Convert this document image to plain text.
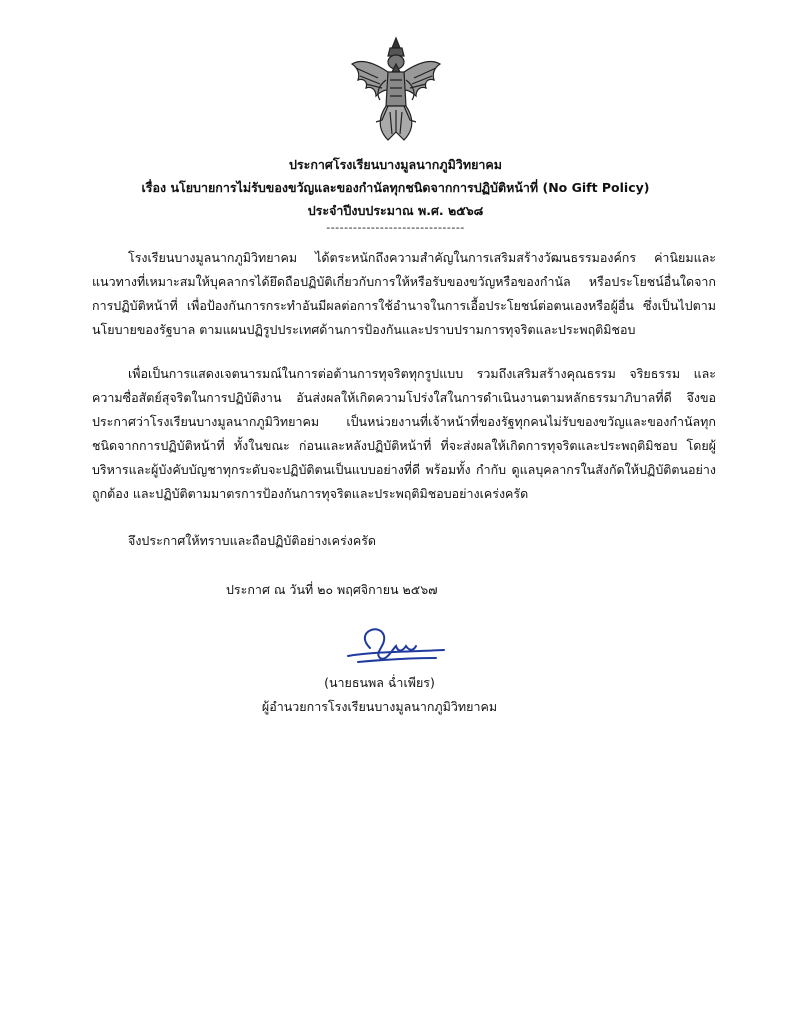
ประกาศโรงเรียนบางมูลนากภูมิวิทยาคม
เรื่อง นโยบายการไม่รับของขวัญและของกำนัลทุกชนิดจากการปฏิบัติหน้าที่ (No Gift Policy)
ประจำปีงบประมาณ พ.ศ. ๒๕๖๘
-------------------------------
โรงเรียนบางมูลนากภูมิวิทยาคม ได้ตระหนักถึงความสำคัญในการเสริมสร้างวัฒนธรรมองค์กร ค่านิยมและแนวทางที่เหมาะสมให้บุคลากรได้ยึดถือปฏิบัติเกี่ยวกับการให้หรือรับของขวัญหรือของกำนัล หรือประโยชน์อื่นใดจากการปฏิบัติหน้าที่ เพื่อป้องกันการกระทำอันมีผลต่อการใช้อำนาจในการเอื้อประโยชน์ต่อตนเองหรือผู้อื่น ซึ่งเป็นไปตามนโยบายของรัฐบาล ตามแผนปฏิรูปประเทศด้านการป้องกันและปราบปรามการทุจริตและประพฤติมิชอบ
เพื่อเป็นการแสดงเจตนารมณ์ในการต่อต้านการทุจริตทุกรูปแบบ รวมถึงเสริมสร้างคุณธรรม จริยธรรม และความซื่อสัตย์สุจริตในการปฏิบัติงาน อันส่งผลให้เกิดความโปร่งใสในการดำเนินงานตามหลักธรรมาภิบาลที่ดี จึงขอประกาศว่าโรงเรียนบางมูลนากภูมิวิทยาคม เป็นหน่วยงานที่เจ้าหน้าที่ของรัฐทุกคนไม่รับของขวัญและของกำนัลทุกชนิดจากการปฏิบัติหน้าที่ ทั้งในขณะ ก่อนและหลังปฏิบัติหน้าที่ ที่จะส่งผลให้เกิดการทุจริตและประพฤติมิชอบ โดยผู้บริหารและผู้บังคับบัญชาทุกระดับจะปฏิบัติตนเป็นแบบอย่างที่ดี พร้อมทั้ง กำกับ ดูแลบุคลากรในสังกัดให้ปฏิบัติตนอย่างถูกต้อง และปฏิบัติตามมาตรการป้องกันการทุจริตและประพฤติมิชอบอย่างเคร่งครัด
จึงประกาศให้ทราบและถือปฏิบัติอย่างเคร่งครัด
ประกาศ ณ วันที่ ๒๐ พฤศจิกายน ๒๕๖๗
(นายธนพล ฉ่ำเพียร)
ผู้อำนวยการโรงเรียนบางมูลนากภูมิวิทยาคม
